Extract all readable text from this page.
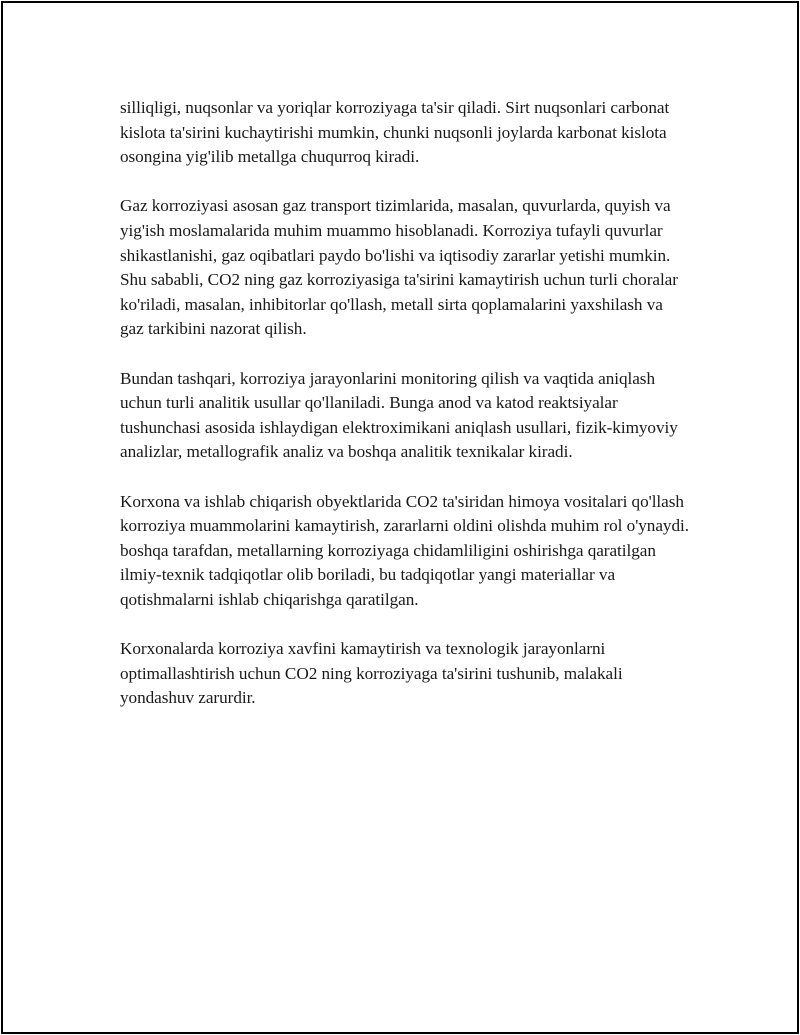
silliqligi, nuqsonlar va yoriqlar korroziyaga ta'sir qiladi. Sirt nuqsonlari carbonat kislota ta'sirini kuchaytirishi mumkin, chunki nuqsonli joylarda karbonat kislota osongina yig'ilib metallga chuqurroq kiradi.

Gaz korroziyasi asosan gaz transport tizimlarida, masalan, quvurlarda, quyish va yig'ish moslamalarida muhim muammo hisoblanadi. Korroziya tufayli quvurlar shikastlanishi, gaz oqibatlari paydo bo'lishi va iqtisodiy zararlar yetishi mumkin. Shu sababli, CO2 ning gaz korroziyasiga ta'sirini kamaytirish uchun turli choralar ko'riladi, masalan, inhibitorlar qo'llash, metall sirta qoplamalarini yaxshilash va gaz tarkibini nazorat qilish.

Bundan tashqari, korroziya jarayonlarini monitoring qilish va vaqtida aniqlash uchun turli analitik usullar qo'llaniladi. Bunga anod va katod reaktsiyalar tushunchasi asosida ishlaydigan elektroximikani aniqlash usullari, fizik-kimyoviy analizlar, metallografik analiz va boshqa analitik texnikalar kiradi.

Korxona va ishlab chiqarish obyektlarida CO2 ta'siridan himoya vositalari qo'llash korroziya muammolarini kamaytirish, zararlarni oldini olishda muhim rol o'ynaydi. boshqa tarafdan, metallarning korroziyaga chidamliligini oshirishga qaratilgan ilmiy-texnik tadqiqotlar olib boriladi, bu tadqiqotlar yangi materiallar va qotishmalarni ishlab chiqarishga qaratilgan.

Korxonalarda korroziya xavfini kamaytirish va texnologik jarayonlarni optimallashtirish uchun CO2 ning korroziyaga ta'sirini tushunib, malakali yondashuv zarurdir.
